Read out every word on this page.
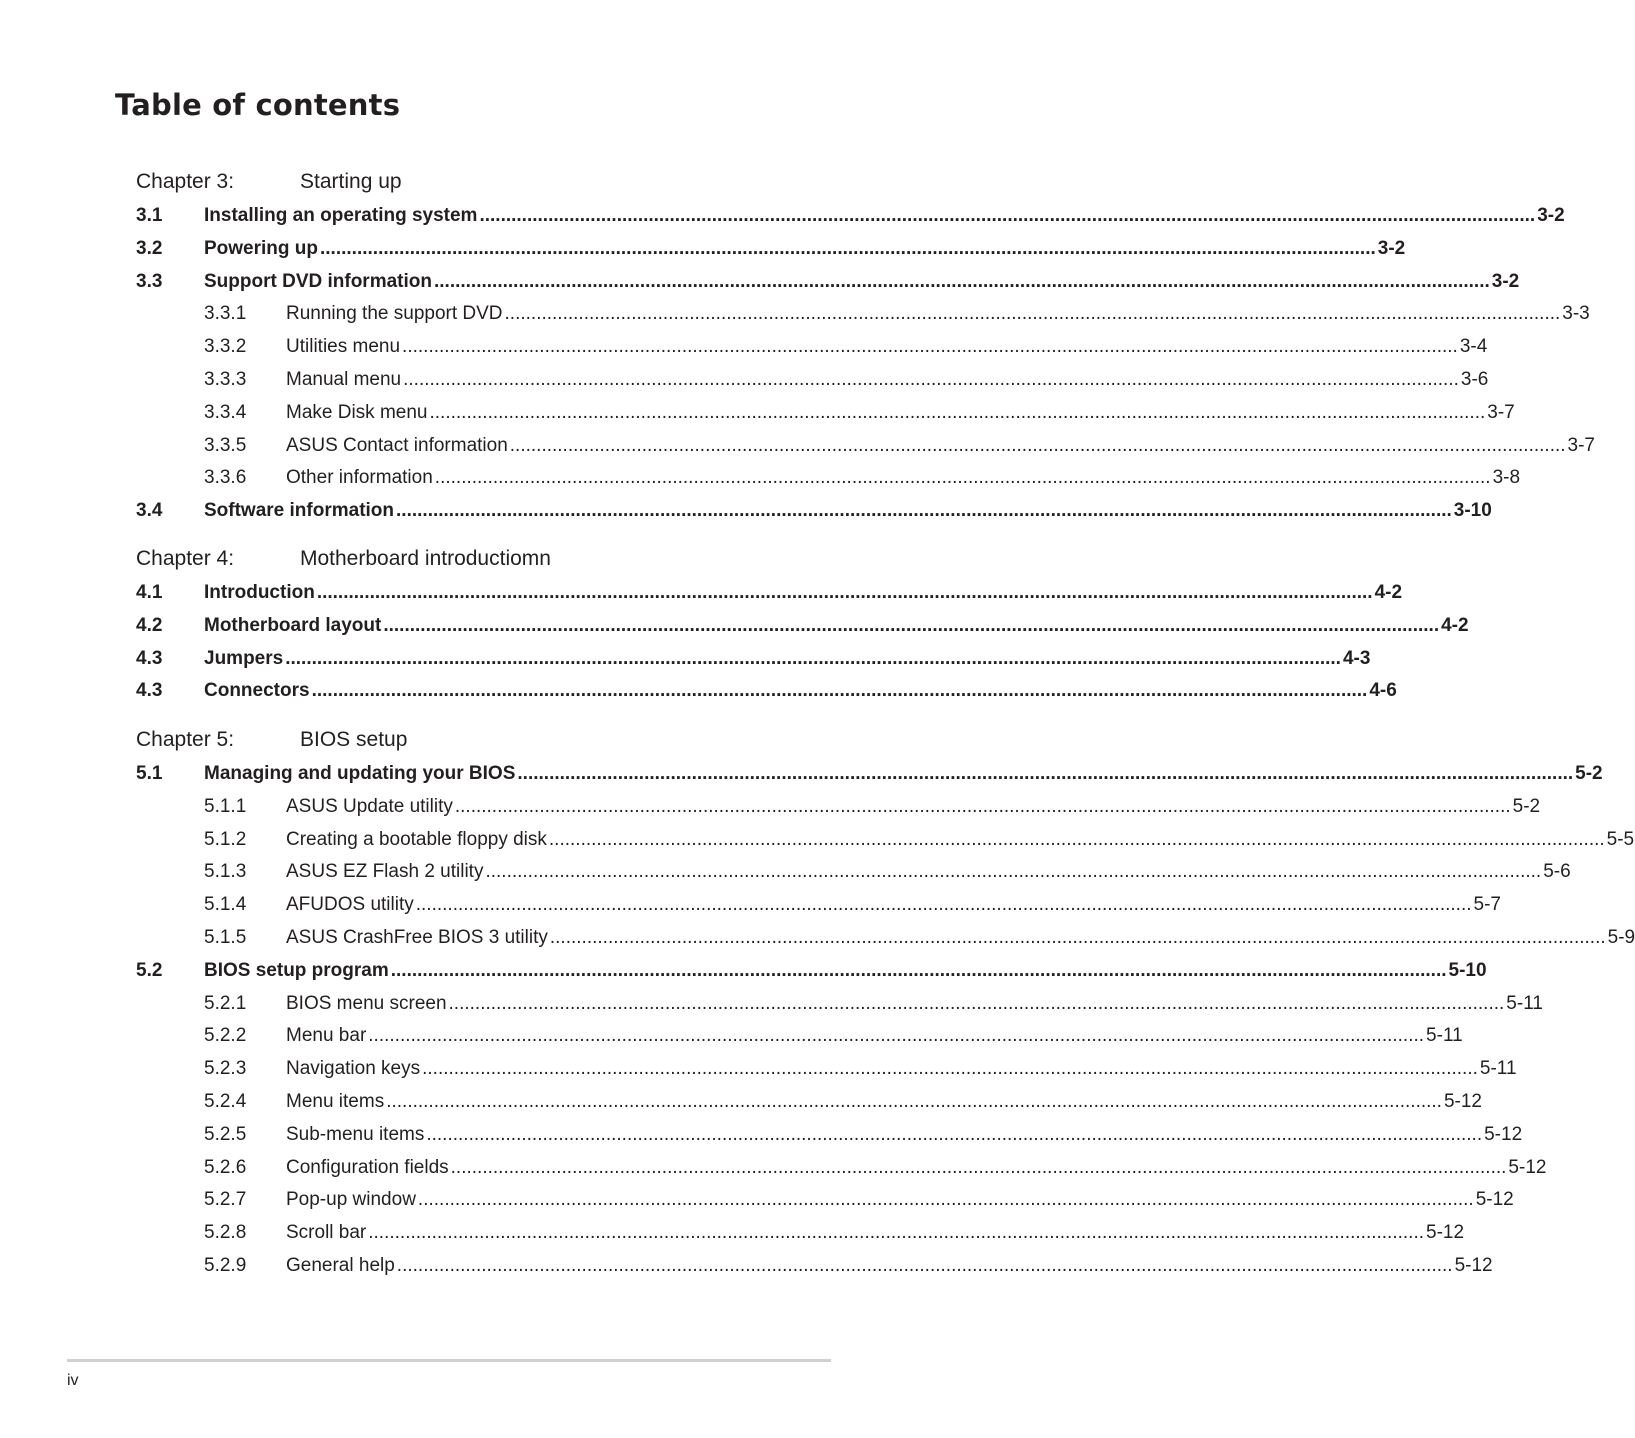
Table of contents
Chapter 3:	Starting up
3.1 Installing an operating system ........................................................................................................................................................................................................ 3-2
3.2 Powering up ........................................................................................................................................................................................................ 3-2
3.3 Support DVD information ........................................................................................................................................................................................................ 3-2
3.3.1 Running the support DVD ........................................................................................................................................................................................................ 3-3
3.3.2 Utilities menu ........................................................................................................................................................................................................ 3-4
3.3.3 Manual menu ........................................................................................................................................................................................................ 3-6
3.3.4 Make Disk menu ........................................................................................................................................................................................................ 3-7
3.3.5 ASUS Contact information ........................................................................................................................................................................................................ 3-7
3.3.6 Other information ........................................................................................................................................................................................................ 3-8
3.4 Software information ........................................................................................................................................................................................................ 3-10
Chapter 4:	Motherboard introductiomn
4.1 Introduction ........................................................................................................................................................................................................ 4-2
4.2 Motherboard layout ........................................................................................................................................................................................................ 4-2
4.3 Jumpers ........................................................................................................................................................................................................ 4-3
4.3 Connectors ........................................................................................................................................................................................................ 4-6
Chapter 5:	BIOS setup
5.1 Managing and updating your BIOS ........................................................................................................................................................................................................ 5-2
5.1.1 ASUS Update utility ........................................................................................................................................................................................................ 5-2
5.1.2 Creating a bootable floppy disk ........................................................................................................................................................................................................ 5-5
5.1.3 ASUS EZ Flash 2 utility ........................................................................................................................................................................................................ 5-6
5.1.4 AFUDOS utility ........................................................................................................................................................................................................ 5-7
5.1.5 ASUS CrashFree BIOS 3 utility ........................................................................................................................................................................................................ 5-9
5.2 BIOS setup program ........................................................................................................................................................................................................ 5-10
5.2.1 BIOS menu screen ........................................................................................................................................................................................................ 5-11
5.2.2 Menu bar ........................................................................................................................................................................................................ 5-11
5.2.3 Navigation keys ........................................................................................................................................................................................................ 5-11
5.2.4 Menu items ........................................................................................................................................................................................................ 5-12
5.2.5 Sub-menu items ........................................................................................................................................................................................................ 5-12
5.2.6 Configuration fields ........................................................................................................................................................................................................ 5-12
5.2.7 Pop-up window ........................................................................................................................................................................................................ 5-12
5.2.8 Scroll bar ........................................................................................................................................................................................................ 5-12
5.2.9 General help ........................................................................................................................................................................................................ 5-12
iv
